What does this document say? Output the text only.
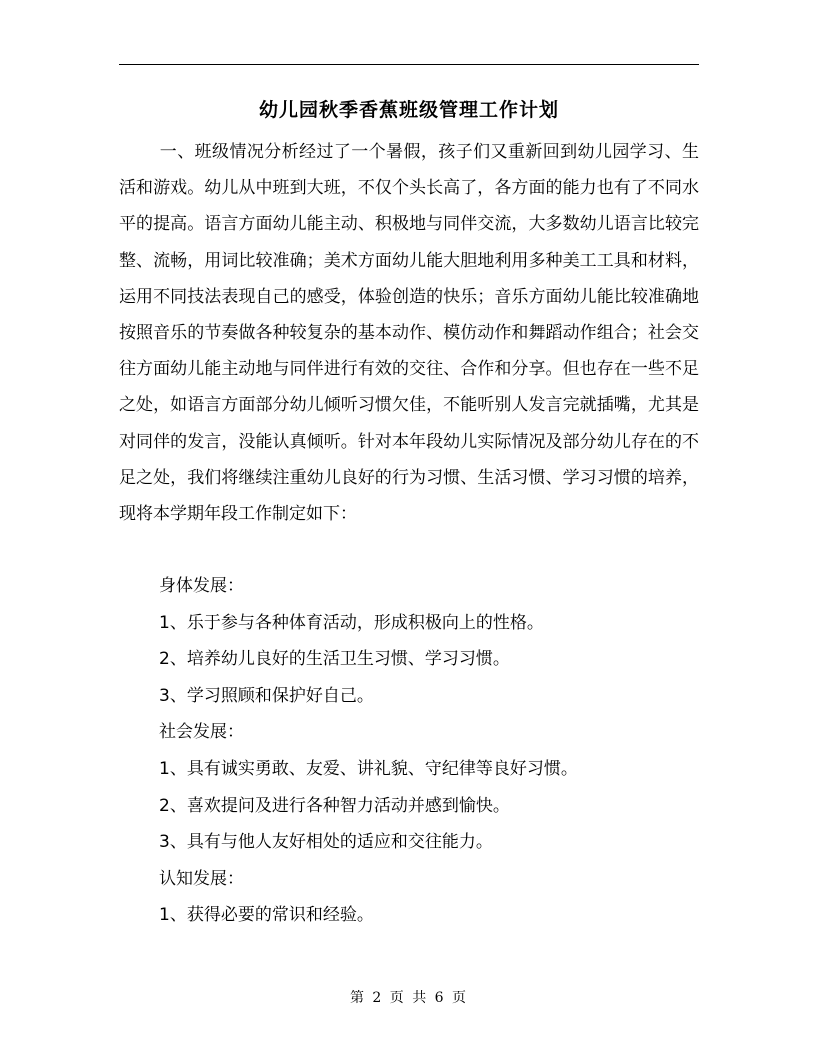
幼儿园秋季香蕉班级管理工作计划

一、班级情况分析经过了一个暑假，孩子们又重新回到幼儿园学习、生活和游戏。幼儿从中班到大班，不仅个头长高了，各方面的能力也有了不同水平的提高。语言方面幼儿能主动、积极地与同伴交流，大多数幼儿语言比较完整、流畅，用词比较准确；美术方面幼儿能大胆地利用多种美工工具和材料，运用不同技法表现自己的感受，体验创造的快乐；音乐方面幼儿能比较准确地按照音乐的节奏做各种较复杂的基本动作、模仿动作和舞蹈动作组合；社会交往方面幼儿能主动地与同伴进行有效的交往、合作和分享。但也存在一些不足之处，如语言方面部分幼儿倾听习惯欠佳，不能听别人发言完就插嘴，尤其是对同伴的发言，没能认真倾听。针对本年段幼儿实际情况及部分幼儿存在的不足之处，我们将继续注重幼儿良好的行为习惯、生活习惯、学习习惯的培养，现将本学期年段工作制定如下：

身体发展：
1、乐于参与各种体育活动，形成积极向上的性格。
2、培养幼儿良好的生活卫生习惯、学习习惯。
3、学习照顾和保护好自己。
社会发展：
1、具有诚实勇敢、友爱、讲礼貌、守纪律等良好习惯。
2、喜欢提问及进行各种智力活动并感到愉快。
3、具有与他人友好相处的适应和交往能力。
认知发展：
1、获得必要的常识和经验。
第 2 页 共 6 页
